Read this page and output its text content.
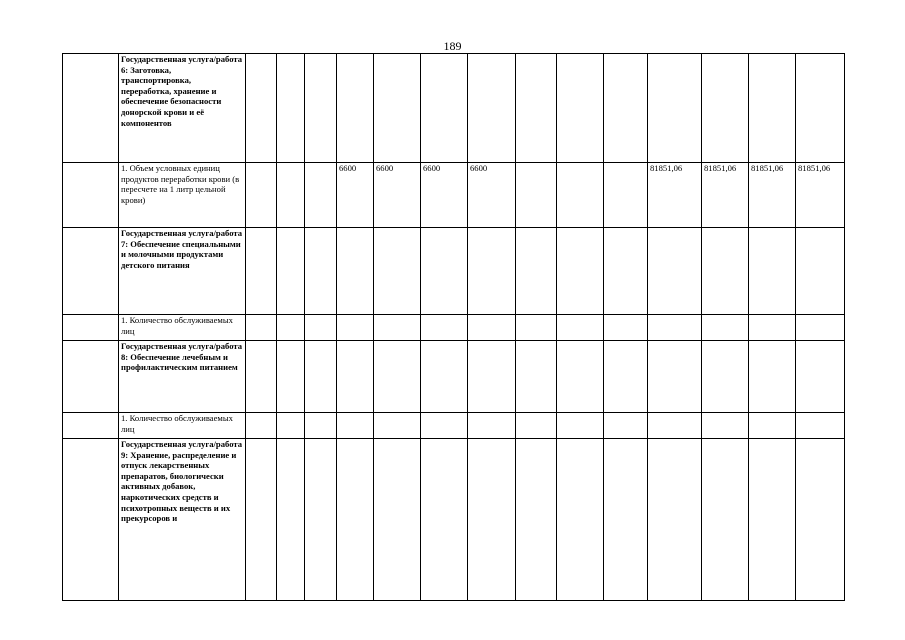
189
	Государственная услуга/работа 6: Заготовка, транспортировка, переработка, хранение и обеспечение безопасности донорской крови и её компонентов														
	1. Объем условных единиц продуктов переработки крови (в пересчете на 1 литр цельной крови)				6600	6600	6600	6600				81851,06	81851,06	81851,06	81851,06
	Государственная услуга/работа 7: Обеспечение специальными и молочными продуктами детского питания														
	1. Количество обслуживаемых лиц														
	Государственная услуга/работа 8: Обеспечение лечебным и профилактическим питанием														
	1. Количество обслуживаемых лиц														
	Государственная услуга/работа 9: Хранение, распределение и отпуск лекарственных препаратов, биологически активных добавок, наркотических средств и психотропных веществ и их прекурсоров и														
